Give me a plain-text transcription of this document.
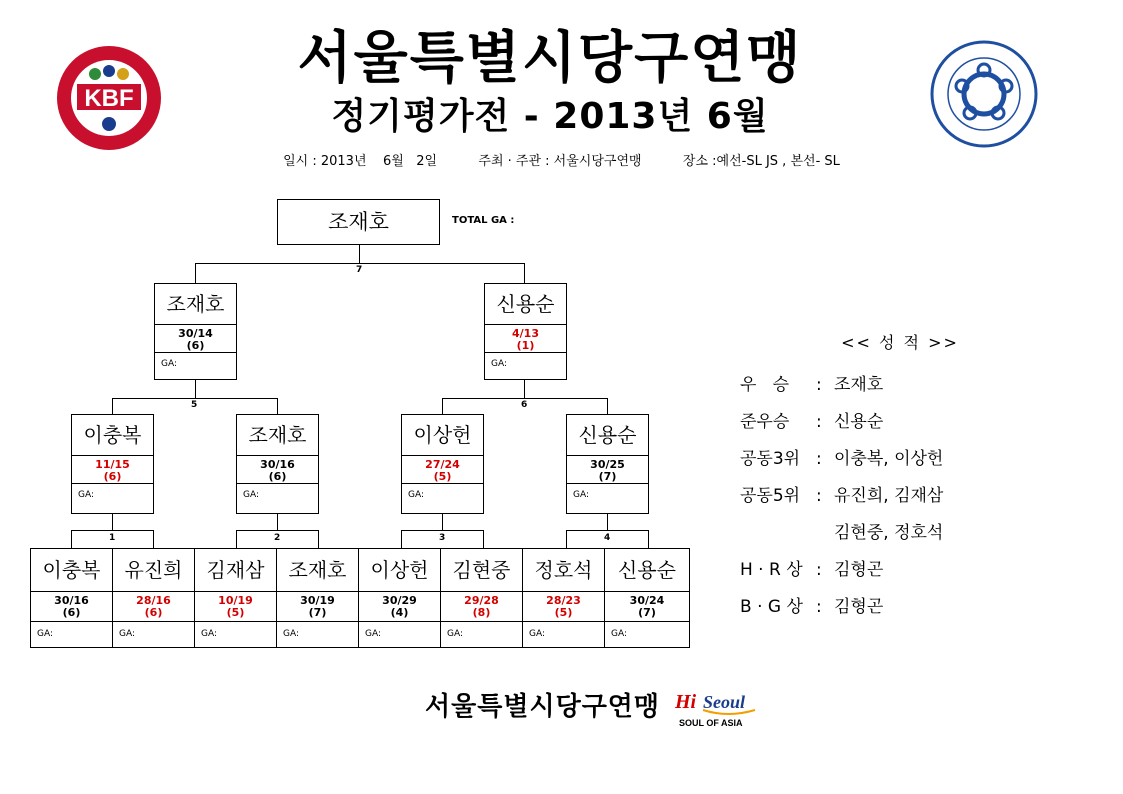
KBF
서울특별시당구연맹
정기평가전 - 2013년 6월
일시 : 2013년    6월   2일          주최 · 주관 : 서울시당구연맹          장소 :예선-SL JS , 본선- SL
조재호	TOTAL GA :
7
5	6
1	2	3	4
조재호
30/14
(6)
GA:
신용순
4/13
(1)
GA:
이충복
11/15
(6)
GA:
조재호
30/16
(6)
GA:
이상헌
27/24
(5)
GA:
신용순
30/25
(7)
GA:
이충복
30/16
(6)
GA:
유진희
28/16
(6)
GA:
김재삼
10/19
(5)
GA:
조재호
30/19
(7)
GA:
이상헌
30/29
(4)
GA:
김현중
29/28
(8)
GA:
정호석
28/23
(5)
GA:
신용순
30/24
(7)
GA:
<< 성 적 >>
우   승 : 조재호
준우승 : 신용순
공동3위 : 이충복, 이상헌
공동5위 : 유진희, 김재삼
김현중, 정호석
H · R 상 : 김형곤
B · G 상 : 김형곤
서울특별시당구연맹 Hi Seoul
SOUL OF ASIA
